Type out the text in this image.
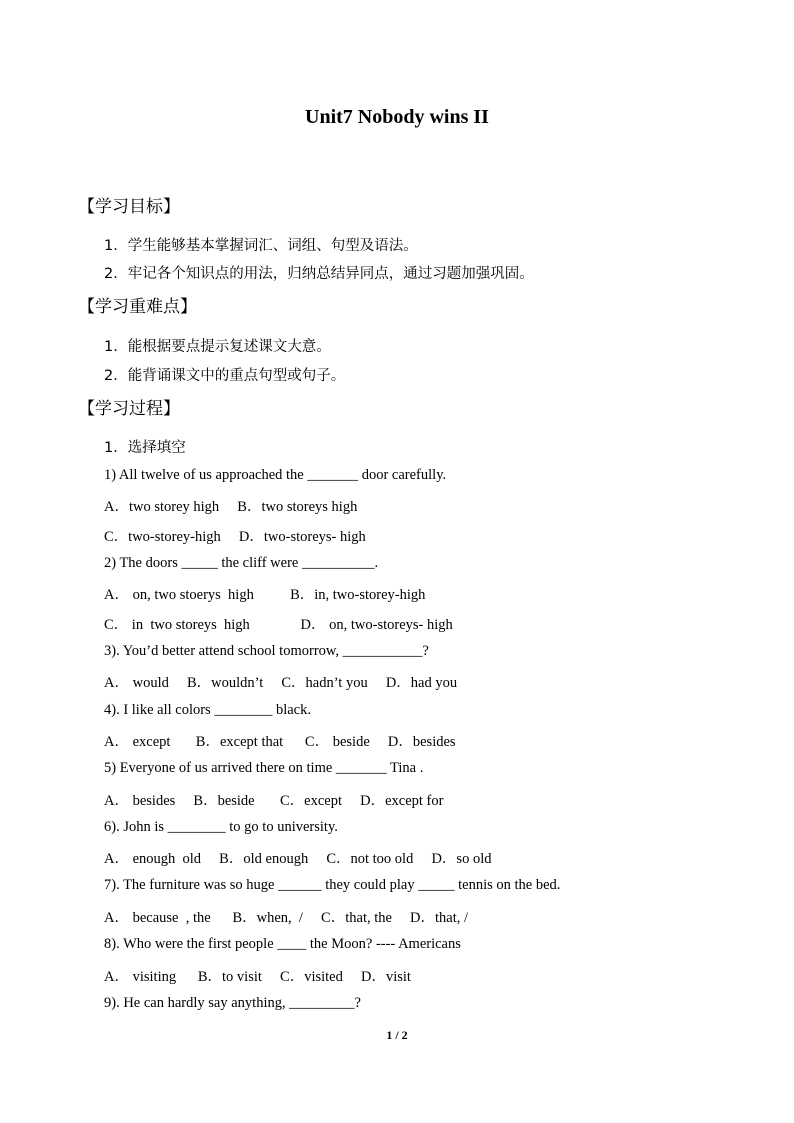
Unit7 Nobody wins II
【学习目标】
1．学生能够基本掌握词汇、词组、句型及语法。
2．牢记各个知识点的用法，归纳总结异同点，通过习题加强巩固。
【学习重难点】
1．能根据要点提示复述课文大意。
2．能背诵课文中的重点句型或句子。
【学习过程】
1．选择填空
1) All twelve of us approached the _______ door carefully.
A．two storey high     B．two storeys high
C．two-storey-high     D．two-storeys- high
2) The doors _____ the cliff were __________.
A． on, two stoerys  high          B．in, two-storey-high
C． in  two storeys  high              D． on, two-storeys- high
3). You’d better attend school tomorrow, ___________?
A． would     B．wouldn’t     C．hadn’t you     D．had you
4). I like all colors ________ black.
A． except       B．except that      C． beside     D．besides
5) Everyone of us arrived there on time _______ Tina .
A． besides     B．beside       C．except     D．except for
6). John is ________ to go to university.
A． enough  old     B．old enough     C．not too old     D．so old
7). The furniture was so huge ______ they could play _____ tennis on the bed.
A． because  , the      B．when,  /     C．that, the     D．that, /
8). Who were the first people ____ the Moon? ---- Americans
A． visiting      B．to visit     C．visited     D．visit
9). He can hardly say anything, _________?
1 / 2
